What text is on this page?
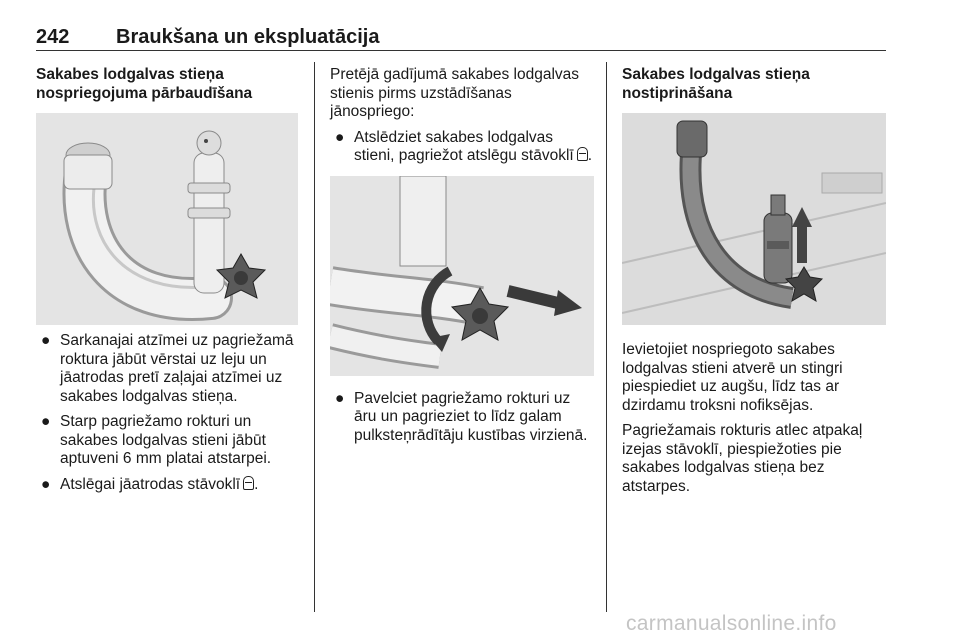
242 Braukšana un ekspluatācija
Sakabes lodgalvas stieņa nospriegojuma pārbaudīšana
● Sarkanajai atzīmei uz pagriežamā roktura jābūt vērstai uz leju un jāatrodas pretī zaļajai atzīmei uz sakabes lodgalvas stieņa.
● Starp pagriežamo rokturi un sakabes lodgalvas stieni jābūt aptuveni 6 mm platai atstarpei.
● Atslēgai jāatrodas stāvoklī .

Pretējā gadījumā sakabes lodgalvas stienis pirms uzstādīšanas jānospriego:

● Atslēdziet sakabes lodgalvas stieni, pagriežot atslēgu stāvoklī .
● Pavelciet pagriežamo rokturi uz āru un pagrieziet to līdz galam pulksteņrādītāju kustības virzienā.
Sakabes lodgalvas stieņa nostiprināšana

Ievietojiet nospriegoto sakabes lodgalvas stieni atverē un stingri piespiediet uz augšu, līdz tas ar dzirdamu troksni nofiksējas.

Pagriežamais rokturis atlec atpakaļ izejas stāvoklī, piespiežoties pie sakabes lodgalvas stieņa bez atstarpes.

carmanualsonline.info
